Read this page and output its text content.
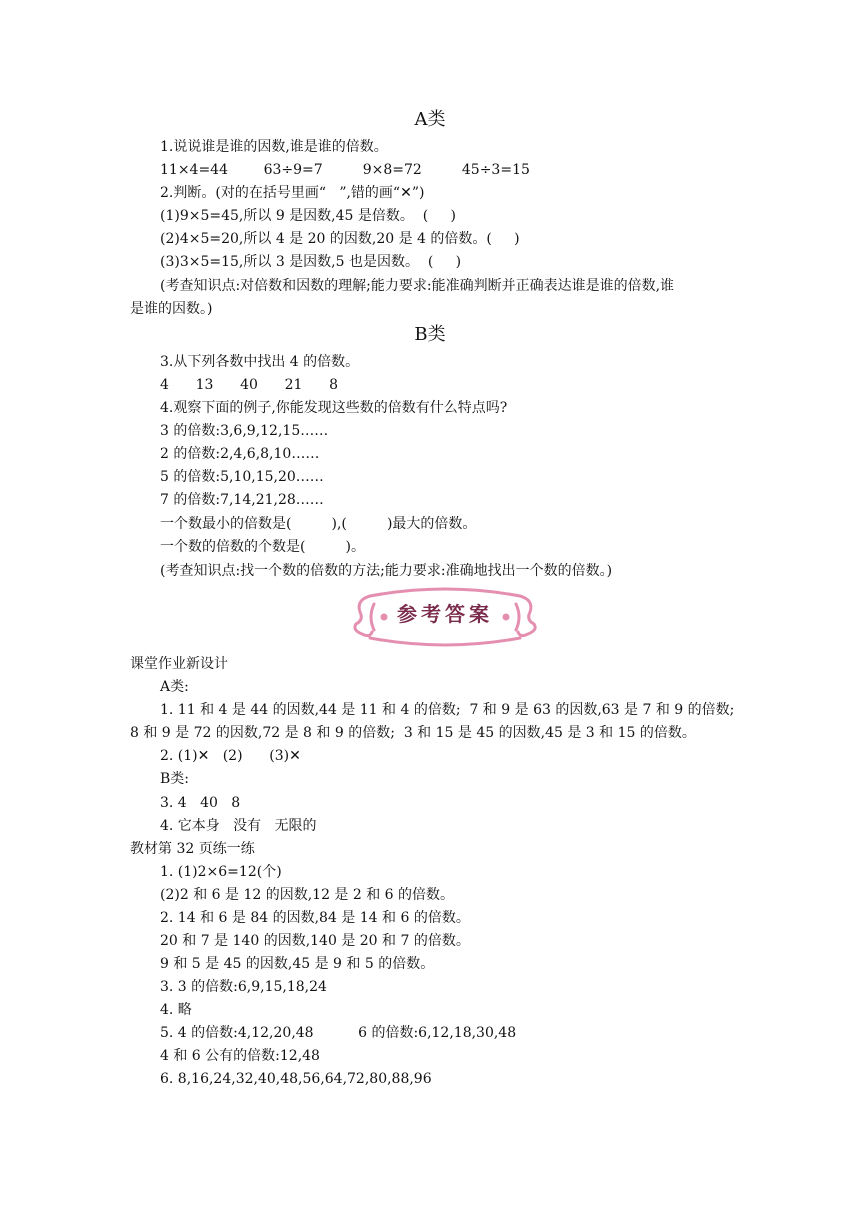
A类
1.说说谁是谁的因数,谁是谁的倍数。
11×4=44        63÷9=7         9×8=72         45÷3=15
2.判断。(对的在括号里画“   ”,错的画“✕”)
(1)9×5=45,所以 9 是因数,45 是倍数。  (     )
(2)4×5=20,所以 4 是 20 的因数,20 是 4 的倍数。(     )
(3)3×5=15,所以 3 是因数,5 也是因数。  (     )
(考查知识点:对倍数和因数的理解;能力要求:能准确判断并正确表达谁是谁的倍数,谁
是谁的因数。)
B类
3.从下列各数中找出 4 的倍数。
4      13      40      21      8
4.观察下面的例子,你能发现这些数的倍数有什么特点吗?
3 的倍数:3,6,9,12,15……
2 的倍数:2,4,6,8,10……
5 的倍数:5,10,15,20……
7 的倍数:7,14,21,28……
一个数最小的倍数是(         ),(         )最大的倍数。
一个数的倍数的个数是(         )。
(考查知识点:找一个数的倍数的方法;能力要求:准确地找出一个数的倍数。)
参考答案
课堂作业新设计
A类:
1. 11 和 4 是 44 的因数,44 是 11 和 4 的倍数;  7 和 9 是 63 的因数,63 是 7 和 9 的倍数;
8 和 9 是 72 的因数,72 是 8 和 9 的倍数;  3 和 15 是 45 的因数,45 是 3 和 15 的倍数。
2. (1)✕   (2)      (3)✕
B类:
3. 4   40   8
4. 它本身   没有   无限的
教材第 32 页练一练
1. (1)2×6=12(个)
(2)2 和 6 是 12 的因数,12 是 2 和 6 的倍数。
2. 14 和 6 是 84 的因数,84 是 14 和 6 的倍数。
20 和 7 是 140 的因数,140 是 20 和 7 的倍数。
9 和 5 是 45 的因数,45 是 9 和 5 的倍数。
3. 3 的倍数:6,9,15,18,24
4. 略
5. 4 的倍数:4,12,20,48          6 的倍数:6,12,18,30,48
4 和 6 公有的倍数:12,48
6. 8,16,24,32,40,48,56,64,72,80,88,96
